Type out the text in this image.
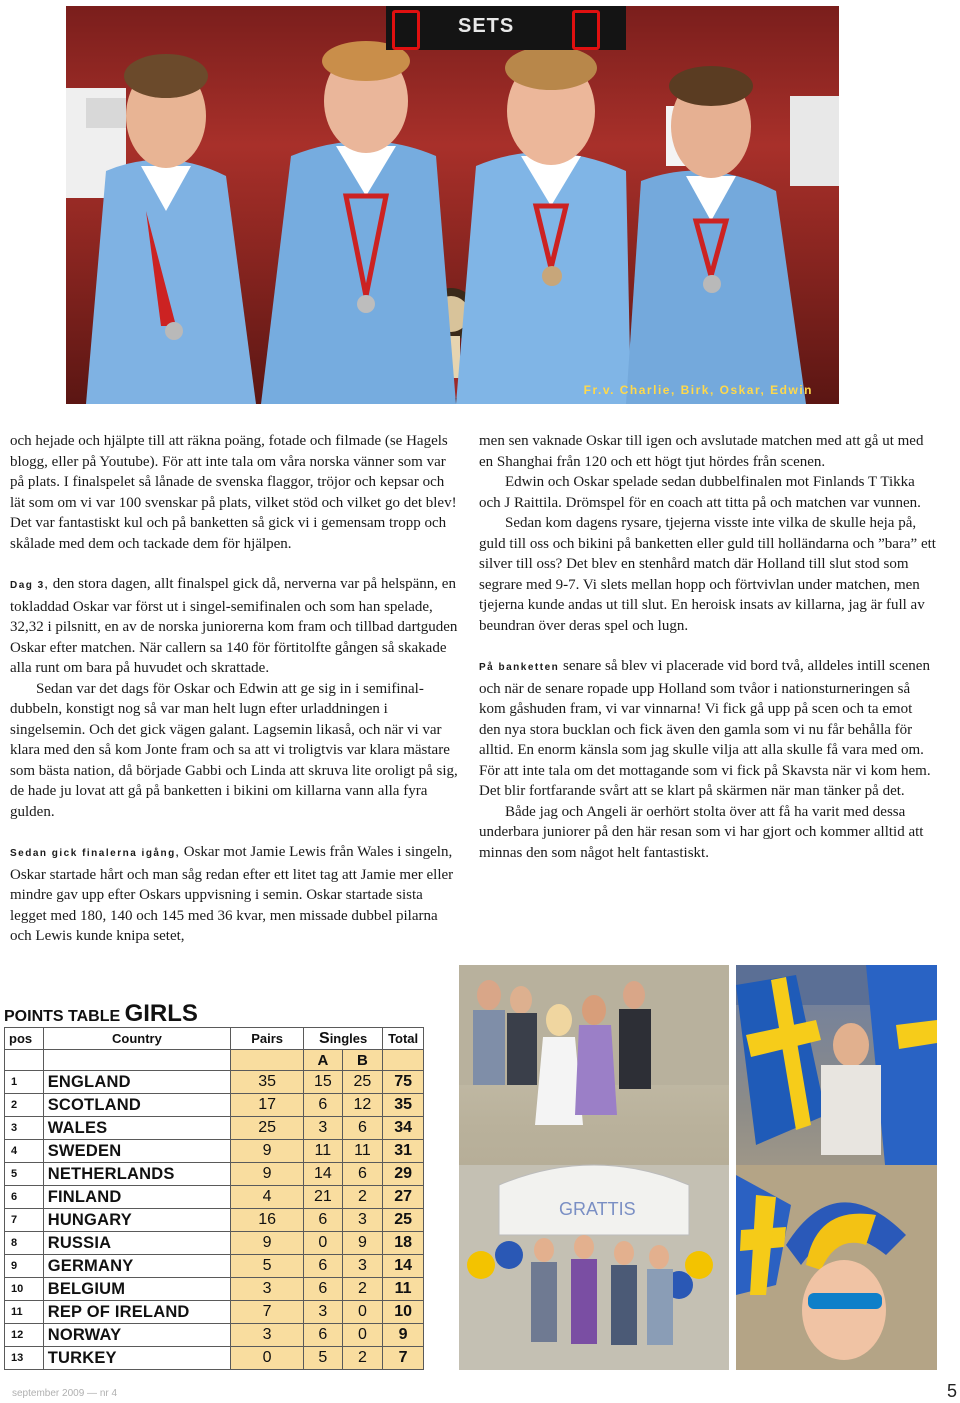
SETS
Fr.v. Charlie, Birk, Oskar, Edwin

och hejade och hjälpte till att räkna poäng, fotade och filmade (se Hagels blogg, eller på Youtube). För att inte tala om våra norska vänner som var på plats. I finalspelet så lånade de svenska flaggor, tröjor och kepsar och lät som om vi var 100 svenskar på plats, vilket stöd och vilket go det blev! Det var fantastiskt kul och på banketten så gick vi i gemensam tropp och skålade med dem och tackade dem för hjälpen.

Dag 3, den stora dagen, allt finalspel gick då, nerverna var på helspänn, en tokladdad Oskar var först ut i singel-semifinalen och som han spelade, 32,32 i pilsnitt, en av de norska juniorerna kom fram och tillbad dartguden Oskar efter matchen. När callern sa 140 för förtitolfte gången så skakade alla runt om bara på huvudet och skrattade.

Sedan var det dags för Oskar och Edwin att ge sig in i semifinal-dubbeln, konstigt nog så var man helt lugn efter urladdningen i singelsemin. Och det gick vägen galant. Lagsemin likaså, och när vi var klara med den så kom Jonte fram och sa att vi troligtvis var klara mästare som bästa nation, då började Gabbi och Linda att skruva lite oroligt på sig, de hade ju lovat att gå på banketten i bikini om killarna vann alla fyra gulden.

Sedan gick finalerna igång, Oskar mot Jamie Lewis från Wales i singeln, Oskar startade hårt och man såg redan efter ett litet tag att Jamie mer eller mindre gav upp efter Oskars uppvisning i semin. Oskar startade sista legget med 180, 140 och 145 med 36 kvar, men missade dubbel pilarna och Lewis kunde knipa setet,

men sen vaknade Oskar till igen och avslutade matchen med att gå ut med en Shanghai från 120 och ett högt tjut hördes från scenen.

Edwin och Oskar spelade sedan dubbelfinalen mot Finlands T Tikka och J Raittila. Drömspel för en coach att titta på och matchen var vunnen.

Sedan kom dagens rysare, tjejerna visste inte vilka de skulle heja på, guld till oss och bikini på banketten eller guld till holländarna och ”bara” ett silver till oss? Det blev en stenhård match där Holland till slut stod som segrare med 9-7. Vi slets mellan hopp och förtvivlan under matchen, men tjejerna kunde andas ut till slut. En heroisk insats av killarna, jag är full av beundran över deras spel och lugn.

På banketten senare så blev vi placerade vid bord två, alldeles intill scenen och när de senare ropade upp Holland som tvåor i nationsturneringen så kom gåshuden fram, vi var vinnarna! Vi fick gå upp på scen och ta emot den nya stora bucklan och fick även den gamla som vi nu får behålla för alltid. En enorm känsla som jag skulle vilja att alla skulle få vara med om. För att inte tala om det mottagande som vi fick på Skavsta när vi kom hem. Det blir fortfarande svårt att se klart på skärmen när man tänker på det.

Både jag och Angeli är oerhört stolta över att få ha varit med dessa underbara juniorer på den här resan som vi har gjort och kommer alltid att minnas den som något helt fantastiskt.

POINTS TABLE GIRLS
pos	Country	Pairs	Singles		Total
			A	B	
1	ENGLAND	35	15	25	75
2	SCOTLAND	17	6	12	35
3	WALES	25	3	6	34
4	SWEDEN	9	11	11	31
5	NETHERLANDS	9	14	6	29
6	FINLAND	4	21	2	27
7	HUNGARY	16	6	3	25
8	RUSSIA	9	0	9	18
9	GERMANY	5	6	3	14
10	BELGIUM	3	6	2	11
11	REP OF IRELAND	7	3	0	10
12	NORWAY	3	6	0	9
13	TURKEY	0	5	2	7
GRATTIS
september 2009 — nr 4	5
